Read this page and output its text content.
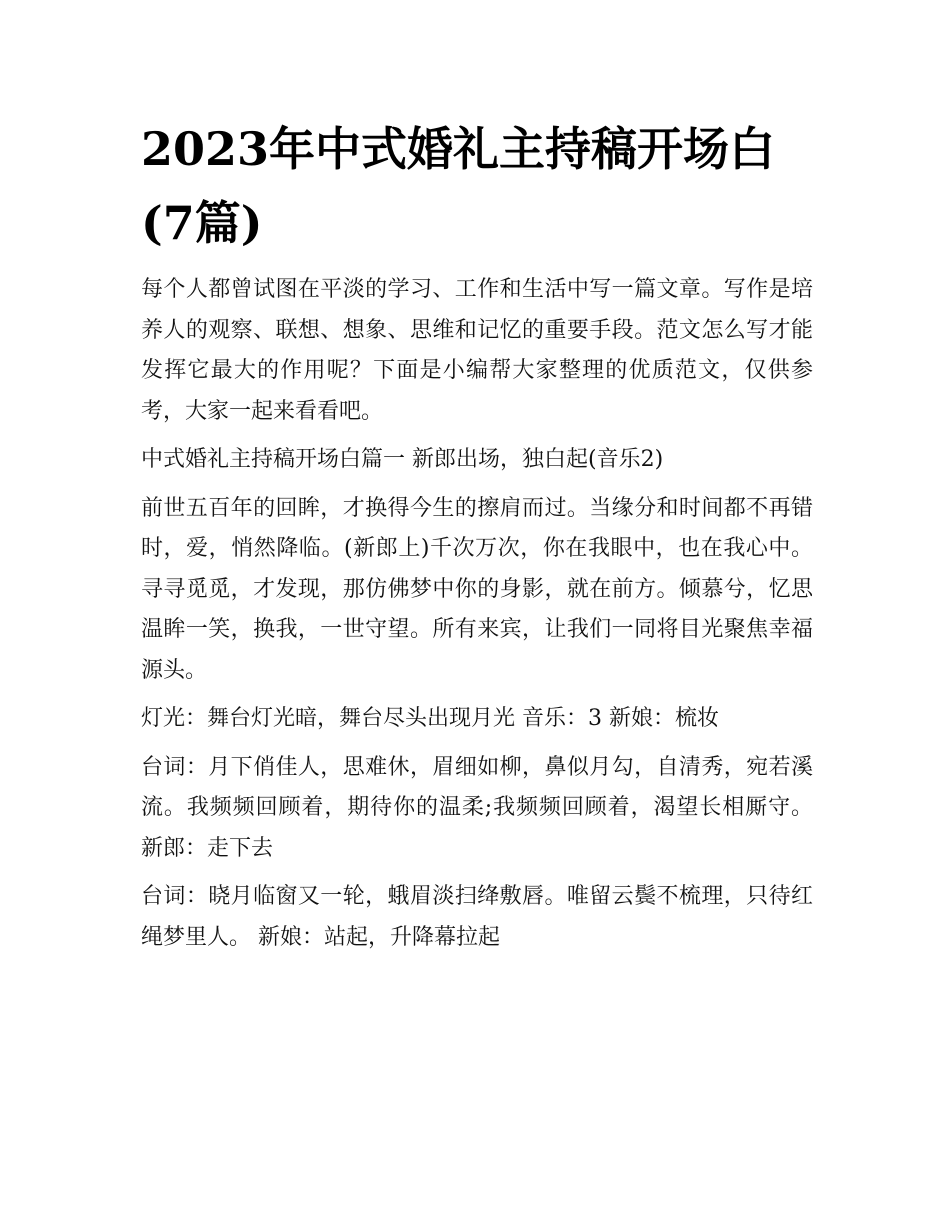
2023年中式婚礼主持稿开场白(7篇)

每个人都曾试图在平淡的学习、工作和生活中写一篇文章。写作是培养人的观察、联想、想象、思维和记忆的重要手段。范文怎么写才能发挥它最大的作用呢？下面是小编帮大家整理的优质范文，仅供参考，大家一起来看看吧。

中式婚礼主持稿开场白篇一 新郎出场，独白起(音乐2)

前世五百年的回眸，才换得今生的擦肩而过。当缘分和时间都不再错时，爱，悄然降临。(新郎上)千次万次，你在我眼中，也在我心中。寻寻觅觅，才发现，那仿佛梦中你的身影，就在前方。倾慕兮，忆思温眸一笑，换我，一世守望。所有来宾，让我们一同将目光聚焦幸福源头。

灯光：舞台灯光暗，舞台尽头出现月光 音乐：3 新娘：梳妆

台词：月下俏佳人，思难休，眉细如柳，鼻似月勾，自清秀，宛若溪流。我频频回顾着，期待你的温柔;我频频回顾着，渴望长相厮守。 新郎：走下去

台词：晓月临窗又一轮，蛾眉淡扫绛敷唇。唯留云鬓不梳理，只待红绳梦里人。 新娘：站起，升降幕拉起
